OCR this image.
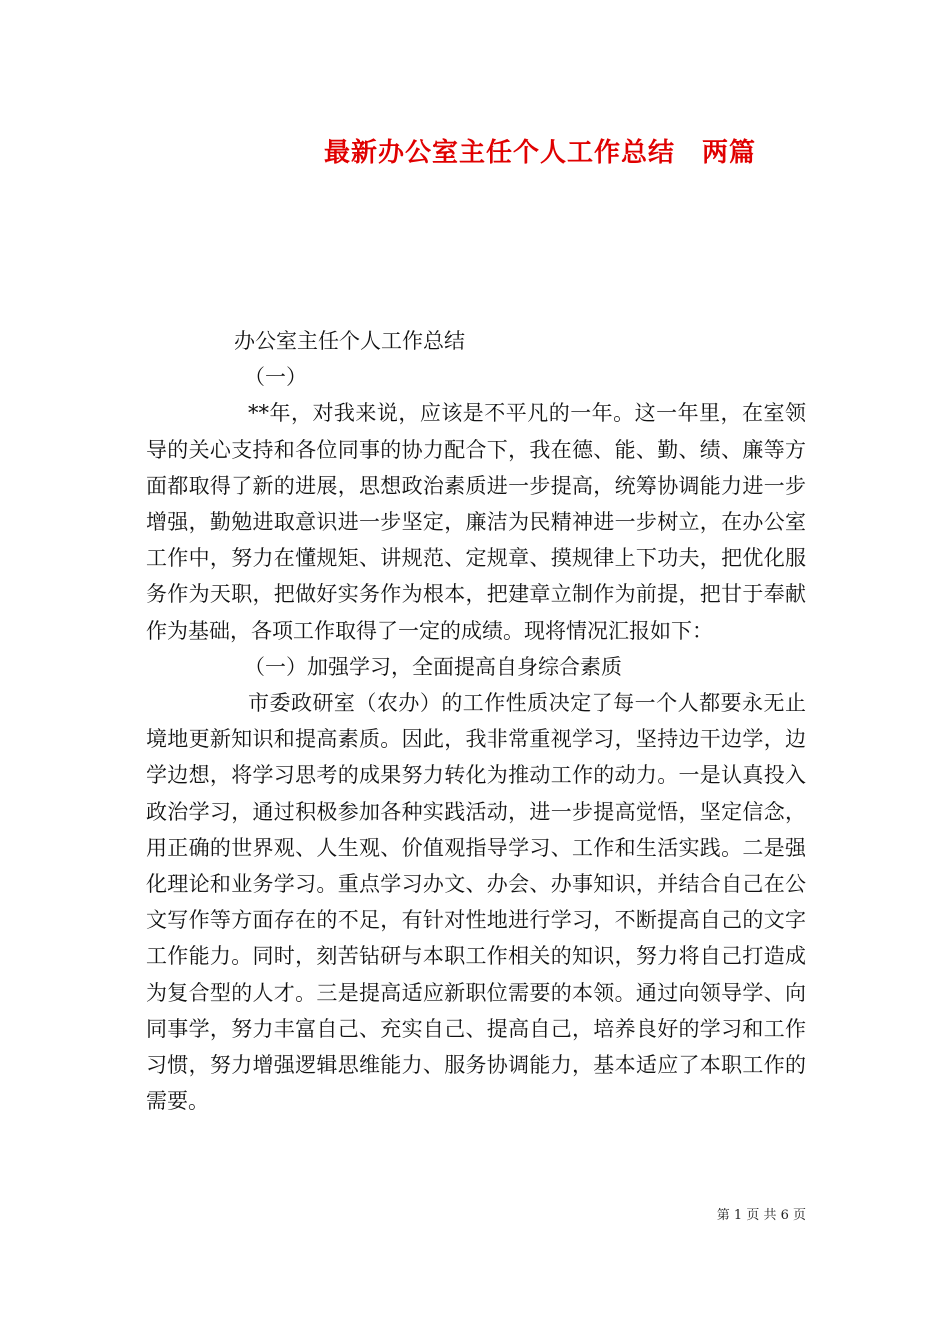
最新办公室主任个人工作总结　两篇

办公室主任个人工作总结

（一）

**年，对我来说，应该是不平凡的一年。这一年里，在室领导的关心支持和各位同事的协力配合下，我在德、能、勤、绩、廉等方面都取得了新的进展，思想政治素质进一步提高，统筹协调能力进一步增强，勤勉进取意识进一步坚定，廉洁为民精神进一步树立，在办公室工作中，努力在懂规矩、讲规范、定规章、摸规律上下功夫，把优化服务作为天职，把做好实务作为根本，把建章立制作为前提，把甘于奉献作为基础，各项工作取得了一定的成绩。现将情况汇报如下：

（一）加强学习，全面提高自身综合素质

市委政研室（农办）的工作性质决定了每一个人都要永无止境地更新知识和提高素质。因此，我非常重视学习，坚持边干边学，边学边想，将学习思考的成果努力转化为推动工作的动力。一是认真投入政治学习，通过积极参加各种实践活动，进一步提高觉悟，坚定信念，用正确的世界观、人生观、价值观指导学习、工作和生活实践。二是强化理论和业务学习。重点学习办文、办会、办事知识，并结合自己在公文写作等方面存在的不足，有针对性地进行学习，不断提高自己的文字工作能力。同时，刻苦钻研与本职工作相关的知识，努力将自己打造成为复合型的人才。三是提高适应新职位需要的本领。通过向领导学、向同事学，努力丰富自己、充实自己、提高自己，培养良好的学习和工作习惯，努力增强逻辑思维能力、服务协调能力，基本适应了本职工作的需要。

第 1 页 共 6 页
